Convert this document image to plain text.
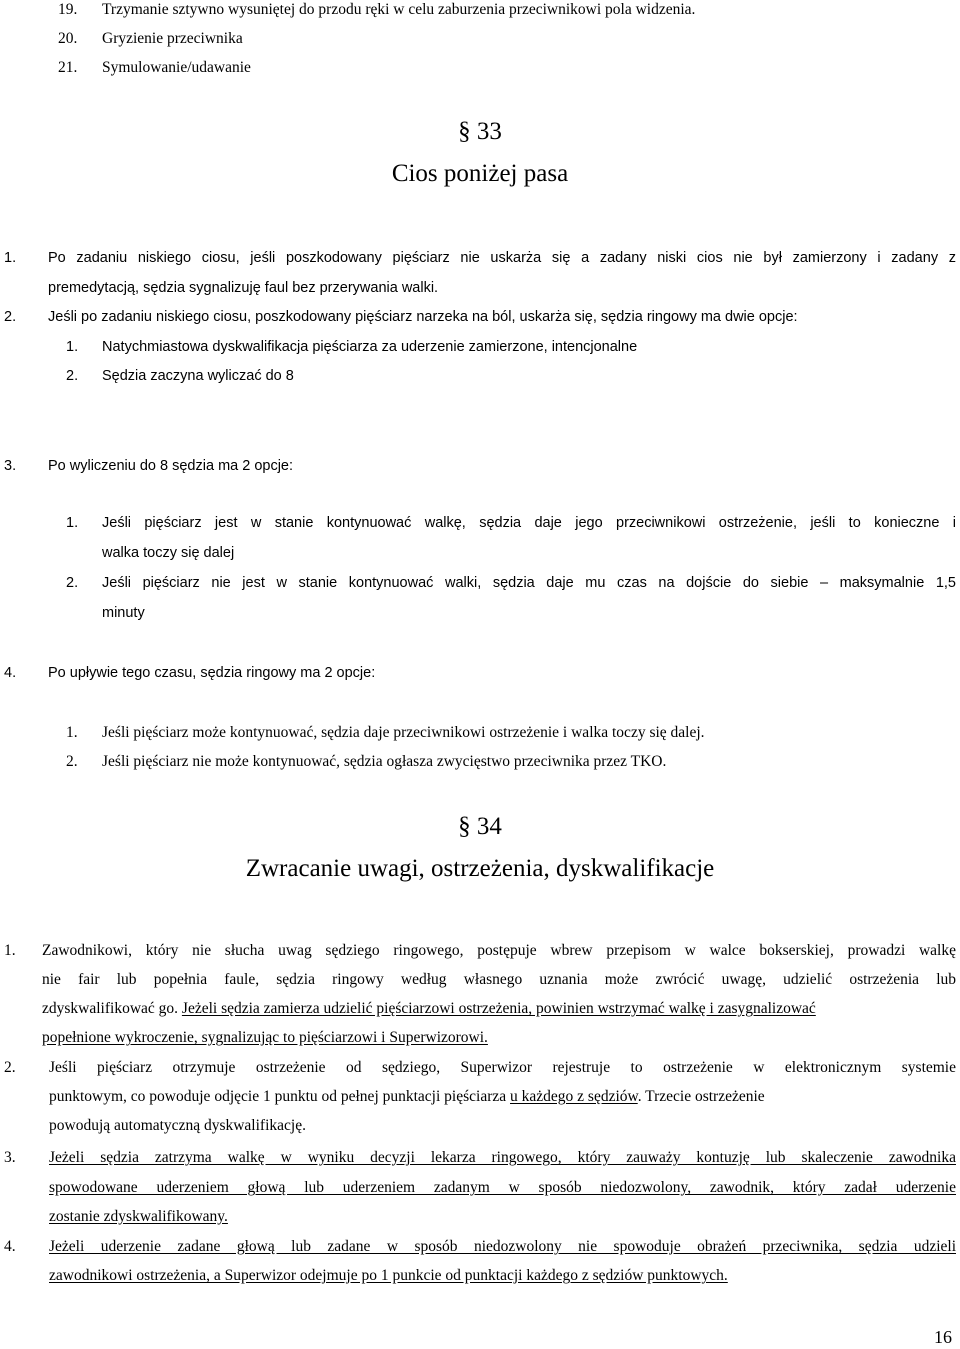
19. Trzymanie sztywno wysuniętej do przodu ręki w celu zaburzenia przeciwnikowi pola widzenia.
20. Gryzienie przeciwnika
21. Symulowanie/udawanie
§ 33
Cios poniżej pasa
1. Po zadaniu niskiego ciosu, jeśli poszkodowany pięściarz nie uskarża się a zadany niski cios nie był zamierzony i zadany z
premedytacją, sędzia sygnalizuję faul bez przerywania walki.
2. Jeśli po zadaniu niskiego ciosu, poszkodowany pięściarz narzeka na ból, uskarża się, sędzia ringowy ma dwie opcje:
1. Natychmiastowa dyskwalifikacja pięściarza za uderzenie zamierzone, intencjonalne
2. Sędzia zaczyna wyliczać do 8
3. Po wyliczeniu do 8 sędzia ma 2 opcje:
1. Jeśli pięściarz jest w stanie kontynuować walkę, sędzia daje jego przeciwnikowi ostrzeżenie, jeśli to konieczne i
walka toczy się dalej
2. Jeśli pięściarz nie jest w stanie kontynuować walki, sędzia daje mu czas na dojście do siebie – maksymalnie 1,5
minuty
4. Po upływie tego czasu, sędzia ringowy ma 2 opcje:
1. Jeśli pięściarz może kontynuować, sędzia daje przeciwnikowi ostrzeżenie i walka toczy się dalej.
2. Jeśli pięściarz nie może kontynuować, sędzia ogłasza zwycięstwo przeciwnika przez TKO.
§ 34
Zwracanie uwagi, ostrzeżenia, dyskwalifikacje
1. Zawodnikowi, który nie słucha uwag sędziego ringowego, postępuje wbrew przepisom w walce bokserskiej, prowadzi walkę
nie fair lub popełnia faule, sędzia ringowy według własnego uznania może zwrócić uwagę, udzielić ostrzeżenia lub
zdyskwalifikować go. Jeżeli sędzia zamierza udzielić pięściarzowi ostrzeżenia, powinien wstrzymać walkę i zasygnalizować
popełnione wykroczenie, sygnalizując to pięściarzowi i Superwizorowi.
2. Jeśli pięściarz otrzymuje ostrzeżenie od sędziego, Superwizor rejestruje to ostrzeżenie w elektronicznym systemie
punktowym, co powoduje odjęcie 1 punktu od pełnej punktacji pięściarza u każdego z sędziów. Trzecie ostrzeżenie
powodują automatyczną dyskwalifikację.
3. Jeżeli sędzia zatrzyma walkę w wyniku decyzji lekarza ringowego, który zauważy kontuzję lub skaleczenie zawodnika
spowodowane uderzeniem głową lub uderzeniem zadanym w sposób niedozwolony, zawodnik, który zadał uderzenie
zostanie zdyskwalifikowany.
4. Jeżeli uderzenie zadane głową lub zadane w sposób niedozwolony nie spowoduje obrażeń przeciwnika, sędzia udzieli
zawodnikowi ostrzeżenia, a Superwizor odejmuje po 1 punkcie od punktacji każdego z sędziów punktowych.
16
